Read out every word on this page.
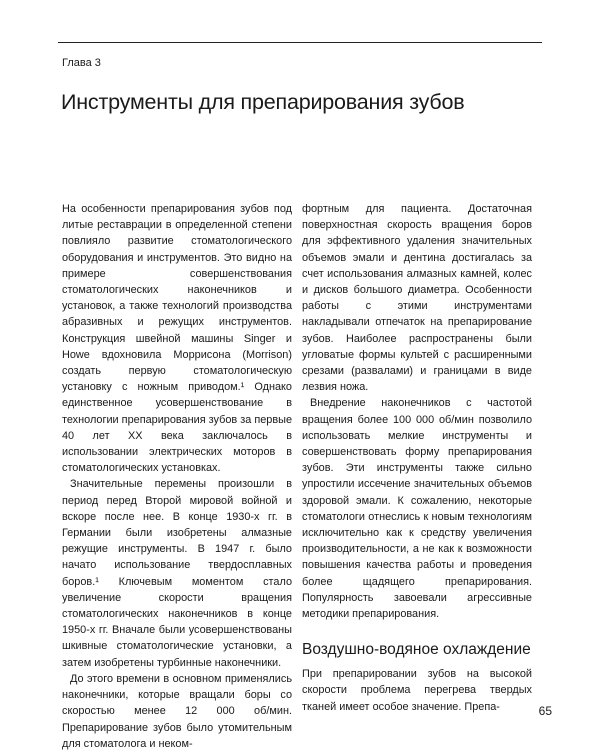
Глава 3
Инструменты для препарирования зубов

На особенности препарирования зубов под литые реставрации в определенной степени повлияло развитие стоматологического оборудования и инструментов. Это видно на примере совершенствования стоматологических наконечников и установок, а также технологий производства абразивных и режущих инструментов. Конструкция швейной машины Singer и Howe вдохновила Моррисона (Morrison) создать первую стоматологическую установку с ножным приводом.¹ Однако единственное усовершенствование в технологии препарирования зубов за первые 40 лет XX века заключалось в использовании электрических моторов в стоматологических установках.

Значительные перемены произошли в период перед Второй мировой войной и вскоре после нее. В конце 1930-х гг. в Германии были изобретены алмазные режущие инструменты. В 1947 г. было начато использование твердосплавных боров.¹ Ключевым моментом стало увеличение скорости вращения стоматологических наконечников в конце 1950-х гг. Вначале были усовершенствованы шкивные стоматологические установки, а затем изобретены турбинные наконечники.

До этого времени в основном применялись наконечники, которые вращали боры со скоростью менее 12 000 об/мин. Препарирование зубов было утомительным для стоматолога и неком-

фортным для пациента. Достаточная поверхностная скорость вращения боров для эффективного удаления значительных объемов эмали и дентина достигалась за счет использования алмазных камней, колес и дисков большого диаметра. Особенности работы с этими инструментами накладывали отпечаток на препарирование зубов. Наиболее распространены были угловатые формы культей с расширенными срезами (развалами) и границами в виде лезвия ножа.

Внедрение наконечников с частотой вращения более 100 000 об/мин позволило использовать мелкие инструменты и совершенствовать форму препарирования зубов. Эти инструменты также сильно упростили иссечение значительных объемов здоровой эмали. К сожалению, некоторые стоматологи отнеслись к новым технологиям исключительно как к средству увеличения производительности, а не как к возможности повышения качества работы и проведения более щадящего препарирования. Популярность завоевали агрессивные методики препарирования.

Воздушно-водяное охлаждение

При препарировании зубов на высокой скорости проблема перегрева твердых тканей имеет особое значение. Препа-	65
